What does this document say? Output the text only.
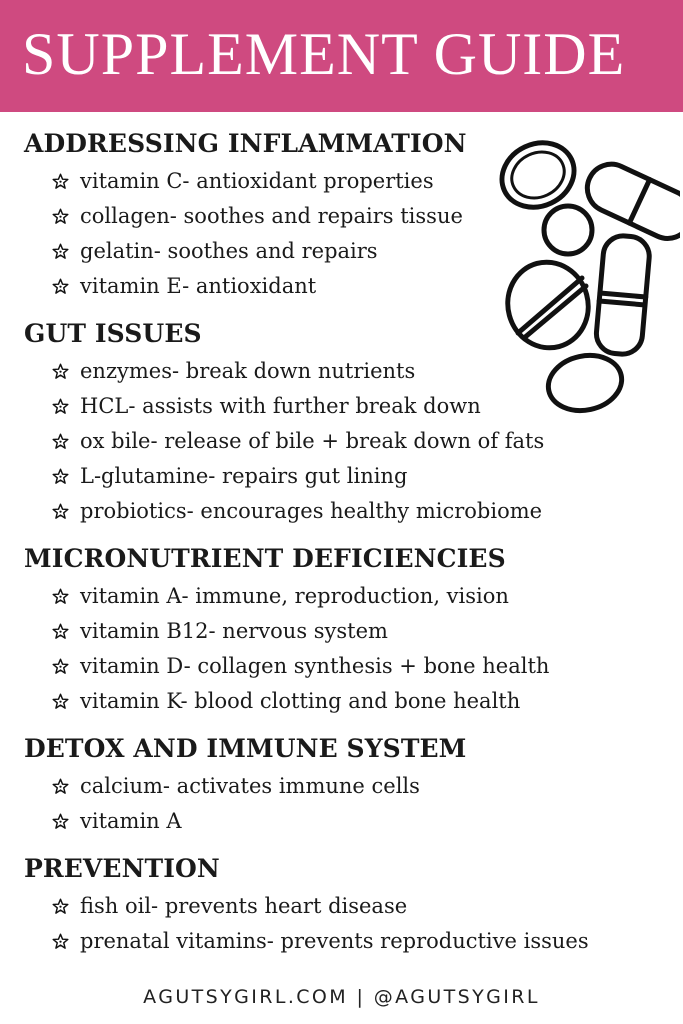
SUPPLEMENT GUIDE
ADDRESSING INFLAMMATION
vitamin C- antioxidant properties
collagen- soothes and repairs tissue
gelatin- soothes and repairs
vitamin E- antioxidant
GUT ISSUES
enzymes- break down nutrients
HCL- assists with further break down
ox bile- release of bile + break down of fats
L-glutamine- repairs gut lining
probiotics- encourages healthy microbiome
MICRONUTRIENT DEFICIENCIES
vitamin A- immune, reproduction, vision
vitamin B12- nervous system
vitamin D- collagen synthesis + bone health
vitamin K- blood clotting and bone health
DETOX AND IMMUNE SYSTEM
calcium- activates immune cells
vitamin A
PREVENTION
fish oil- prevents heart disease
prenatal vitamins- prevents reproductive issues
AGUTSYGIRL.COM | @AGUTSYGIRL
